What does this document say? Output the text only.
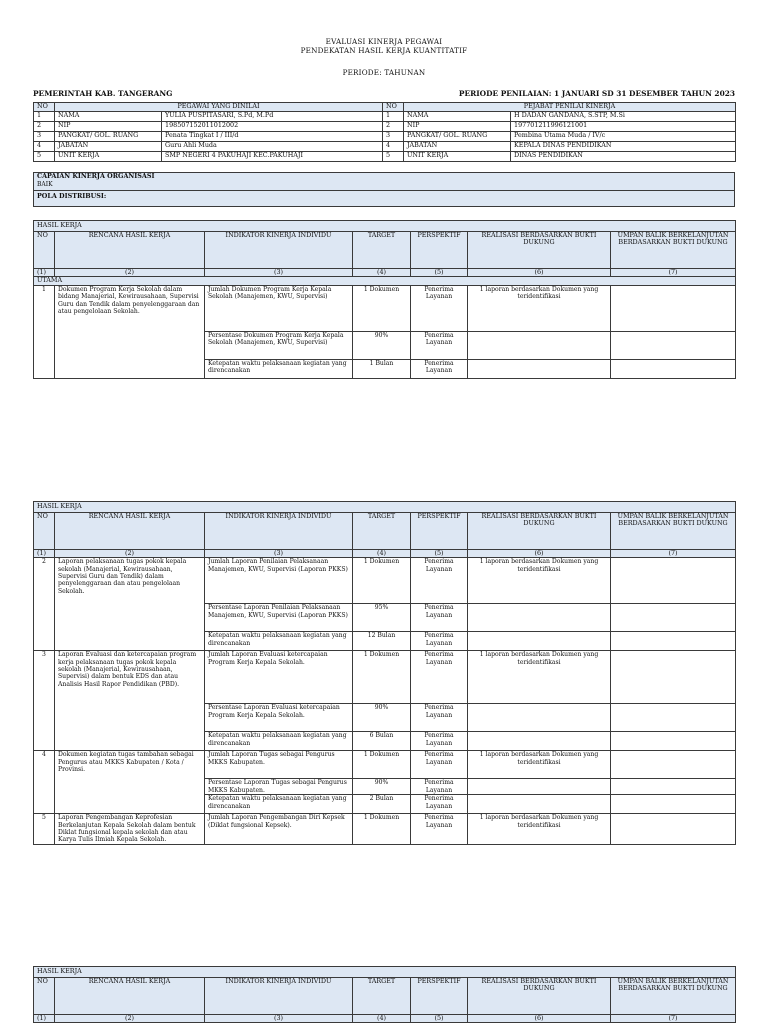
EVALUASI KINERJA PEGAWAI
PENDEKATAN HASIL KERJA KUANTITATIF
PERIODE: TAHUNAN
PEMERINTAH KAB. TANGERANG	PERIODE PENILAIAN: 1 JANUARI SD 31 DESEMBER TAHUN 2023
NO	PEGAWAI YANG DINILAI		NO	PEJABAT PENILAI KINERJA	
1	NAMA	YULIA PUSPITASARI, S.Pd, M.Pd	1	NAMA	H DADAN GANDANA, S.STP, M.Si
2	NIP	198507152011012002	2	NIP	197701211996121001
3	PANGKAT/ GOL. RUANG	Penata Tingkat I / III/d	3	PANGKAT/ GOL. RUANG	Pembina Utama Muda / IV/c
4	JABATAN	Guru Ahli Muda	4	JABATAN	KEPALA DINAS PENDIDIKAN
5	UNIT KERJA	SMP NEGERI 4 PAKUHAJI KEC.PAKUHAJI	5	UNIT KERJA	DINAS PENDIDIKAN
CAPAIAN KINERJA ORGANISASI
BAIK

POLA DISTRIBUSI:
HASIL KERJA						
NO	RENCANA HASIL KERJA	INDIKATOR KINERJA INDIVIDU	TARGET	PERSPEKTIF	REALISASI BERDASARKAN BUKTI DUKUNG	UMPAN BALIK BERKELANJUTAN BERDASARKAN BUKTI DUKUNG
(1)	(2)	(3)	(4)	(5)	(6)	(7)
UTAMA						
1	Dokumen Program Kerja Sekolah dalam bidang Manajerial, Kewirausahaan, Supervisi Guru dan Tendik dalam penyelenggaraan dan atau pengelolaan Sekolah.	Jumlah Dokumen Program Kerja Kepala Sekolah (Manajemen, KWU, Supervisi)	1 Dokumen	Penerima Layanan	1 laporan berdasarkan Dokumen yang teridentifikasi	
		Persentase Dokumen Program Kerja Kepala Sekolah (Manajemen, KWU, Supervisi)	90%	Penerima Layanan		
		Ketepatan waktu pelaksanaan kegiatan yang direncanakan	1 Bulan	Penerima Layanan		
HASIL KERJA						
NO	RENCANA HASIL KERJA	INDIKATOR KINERJA INDIVIDU	TARGET	PERSPEKTIF	REALISASI BERDASARKAN BUKTI DUKUNG	UMPAN BALIK BERKELANJUTAN BERDASARKAN BUKTI DUKUNG
(1)	(2)	(3)	(4)	(5)	(6)	(7)
2	Laporan pelaksanaan tugas pokok kepala sekolah (Manajerial, Kewirausahaan, Supervisi Guru dan Tendik) dalam penyelenggaraan dan atau pengelolaan Sekolah.	Jumlah Laporan Penilaian Pelaksanaan Manajemen, KWU, Supervisi (Laporan PKKS)	1 Dokumen	Penerima Layanan	1 laporan berdasarkan Dokumen yang teridentifikasi	
		Persentase Laporan Penilaian Pelaksanaan Manajemen, KWU, Supervisi (Laporan PKKS)	95%	Penerima Layanan		
		Ketepatan waktu pelaksanaan kegiatan yang direncanakan	12 Bulan	Penerima Layanan		
3	Laporan Evaluasi dan ketercapaian program kerja pelaksanaan tugas pokok kepala sekolah (Manajerial, Kewirausahaan, Supervisi) dalam bentuk EDS dan atau Analisis Hasil Rapor Pendidikan (PBD).	Jumlah Laporan Evaluasi ketercapaian Program Kerja Kepala Sekolah.	1 Dokumen	Penerima Layanan	1 laporan berdasarkan Dokumen yang teridentifikasi	
		Persentase Laporan Evaluasi ketercapaian Program Kerja Kepala Sekolah.	90%	Penerima Layanan		
		Ketepatan waktu pelaksanaan kegiatan yang direncanakan	6 Bulan	Penerima Layanan		
4	Dokumen kegiatan tugas tambahan sebagai Pengurus atau MKKS Kabupaten / Kota / Provinsi.	Jumlah Laporan Tugas sebagai Pengurus MKKS Kabupaten.	1 Dokumen	Penerima Layanan	1 laporan berdasarkan Dokumen yang teridentifikasi	
		Persentase Laporan Tugas sebagai Pengurus MKKS Kabupaten.	90%	Penerima Layanan		
		Ketepatan waktu pelaksanaan kegiatan yang direncanakan	2 Bulan	Penerima Layanan		
5	Laporan Pengembangan Keprofesian Berkelanjutan Kepala Sekolah dalam bentuk Diklat fungsional kepala sekolah dan atau Karya Tulis Ilmiah Kepala Sekolah.	Jumlah Laporan Pengembangan Diri Kepsek (Diklat fungsional Kepsek).	1 Dokumen	Penerima Layanan	1 laporan berdasarkan Dokumen yang teridentifikasi	
HASIL KERJA						
NO	RENCANA HASIL KERJA	INDIKATOR KINERJA INDIVIDU	TARGET	PERSPEKTIF	REALISASI BERDASARKAN BUKTI DUKUNG	UMPAN BALIK BERKELANJUTAN BERDASARKAN BUKTI DUKUNG
(1)	(2)	(3)	(4)	(5)	(6)	(7)
